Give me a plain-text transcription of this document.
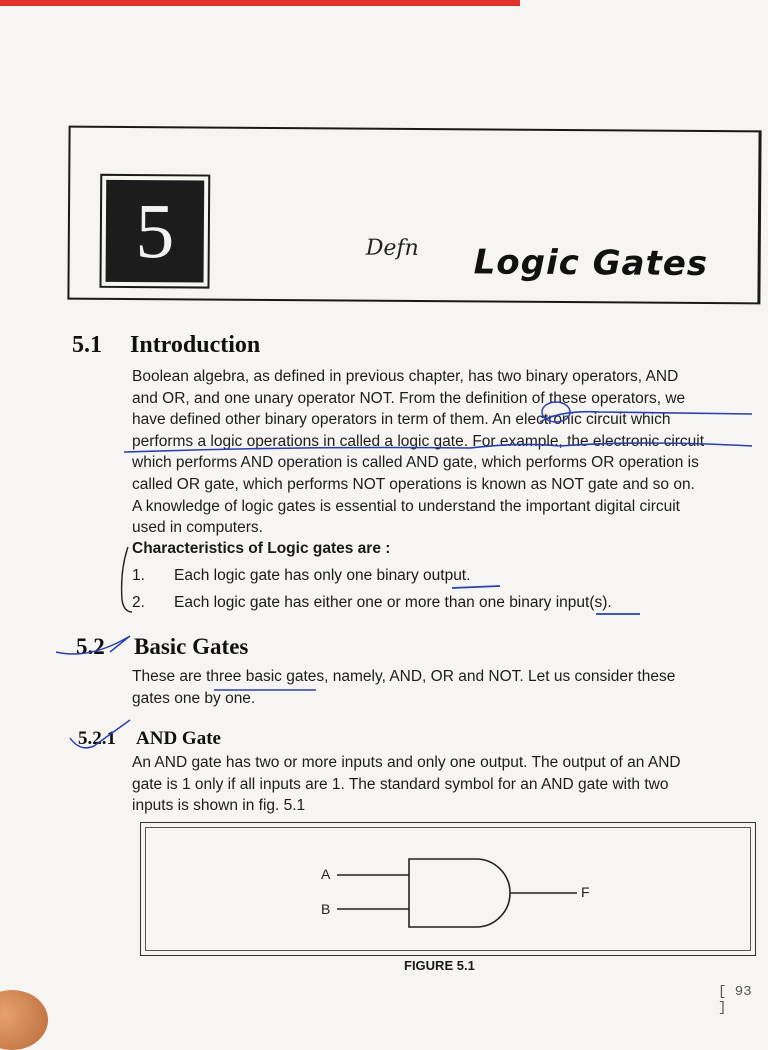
5	Defn Logic Gates
5.1 Introduction
Boolean algebra, as defined in previous chapter, has two binary operators, AND
and OR, and one unary operator NOT. From the definition of these operators, we
have defined other binary operators in term of them. An electronic circuit which
performs a logic operations in called a logic gate. For example, the electronic circuit
which performs AND operation is called AND gate, which performs OR operation is
called OR gate, which performs NOT operations is known as NOT gate and so on.
A knowledge of logic gates is essential to understand the important digital circuit
used in computers.
Characteristics of Logic gates are :
1. Each logic gate has only one binary output.
2. Each logic gate has either one or more than one binary input(s).
5.2 Basic Gates
These are three basic gates, namely, AND, OR and NOT. Let us consider these
gates one by one.
5.2.1 AND Gate
An AND gate has two or more inputs and only one output. The output of an AND
gate is 1 only if all inputs are 1. The standard symbol for an AND gate with two
inputs is shown in fig. 5.1
A
B
F
FIGURE 5.1
[ 93 ]
